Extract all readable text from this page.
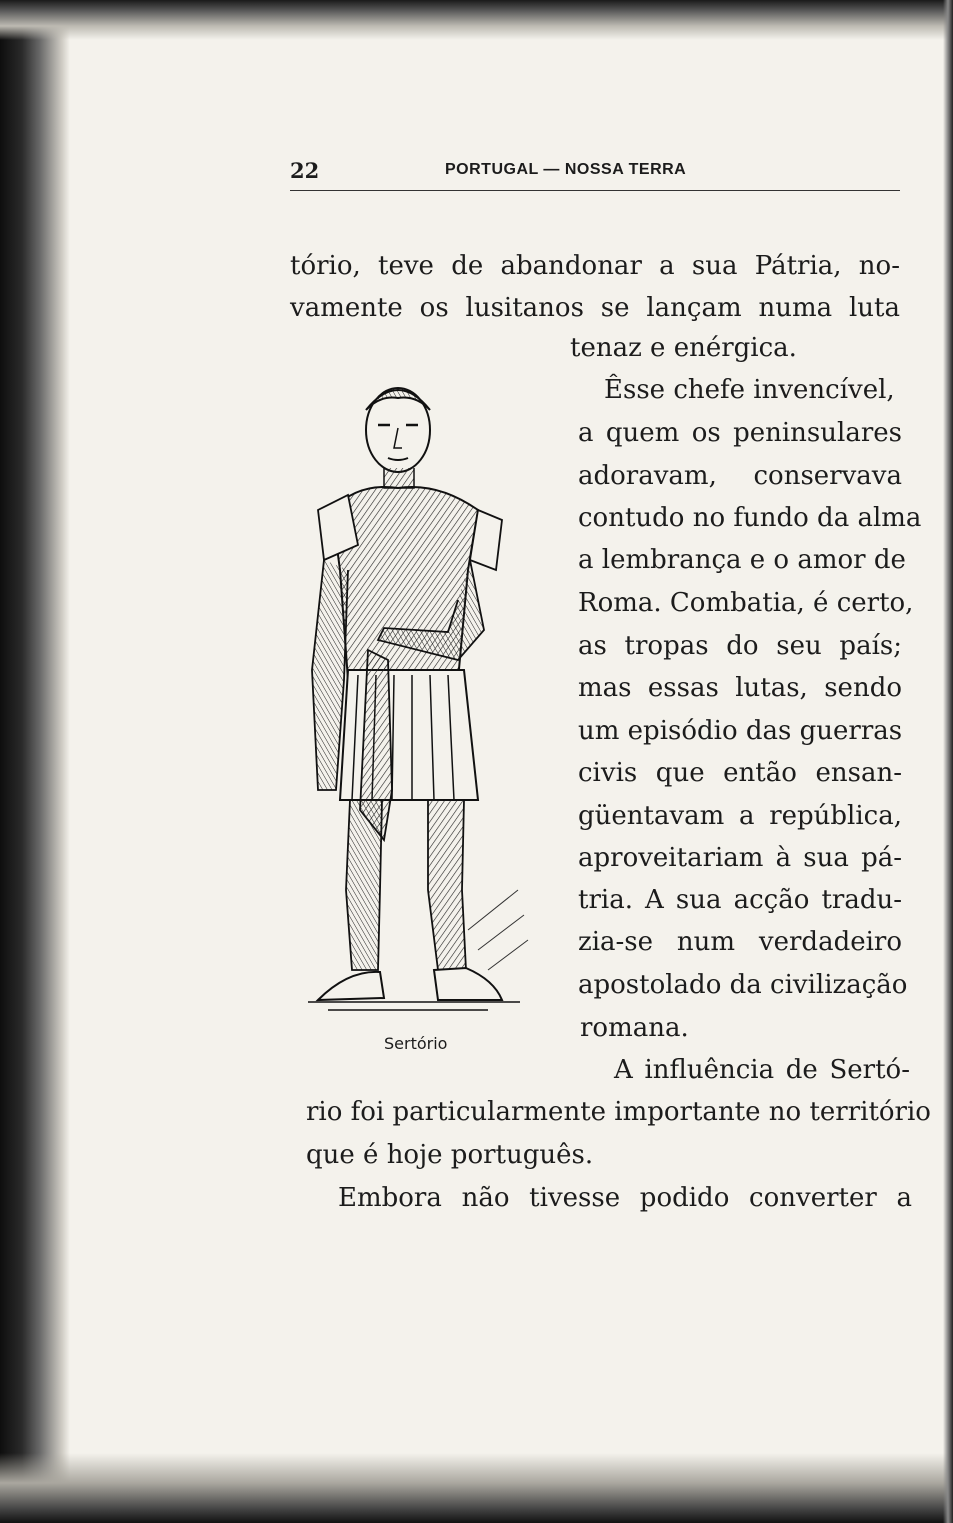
22	PORTUGAL — NOSSA TERRA
tório, teve de abandonar a sua Pátria, no-
vamente os lusitanos se lançam numa luta
tenaz e enérgica.
Êsse chefe invencível,
a quem os peninsulares
adoravam, conservava
contudo no fundo da alma
a lembrança e o amor de
Roma. Combatia, é certo,
as tropas do seu país;
mas essas lutas, sendo
um episódio das guerras
civis que então ensan-
güentavam a república,
aproveitariam à sua pá-
tria. A sua acção tradu-
zia-se num verdadeiro
apostolado da civilização
romana.
A influência de Sertó-
rio foi particularmente importante no território
que é hoje português.
Embora não tivesse podido converter a
Sertório
